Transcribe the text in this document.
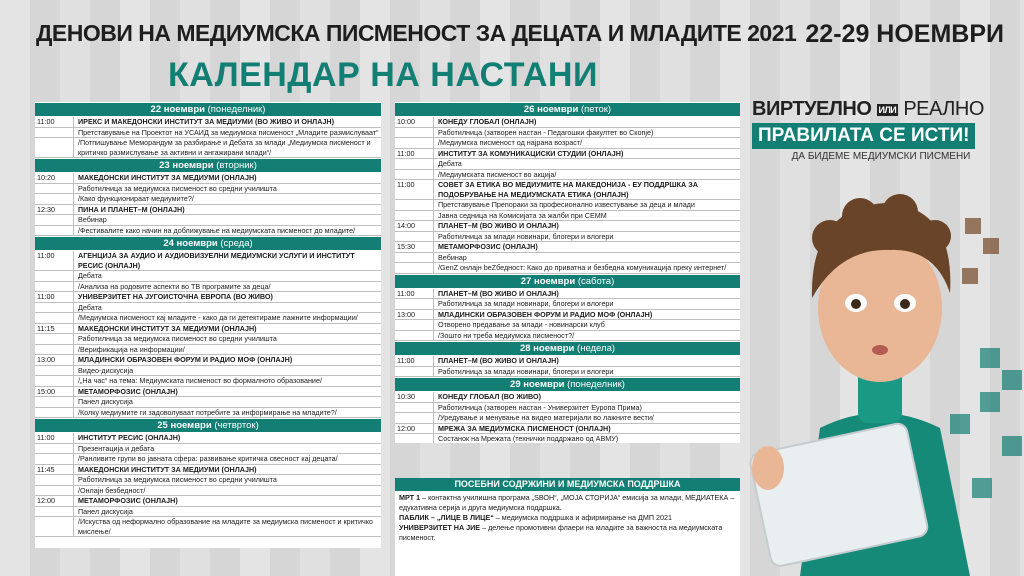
ДЕНОВИ НА МЕДИУМСКА ПИСМЕНОСТ ЗА ДЕЦАТА И МЛАДИТЕ 2021 22-29 НОЕМВРИ
КАЛЕНДАР НА НАСТАНИ
22 ноември (понеделник)
11:00	ИРЕКС И МАКЕДОНСКИ ИНСТИТУТ ЗА МЕДИУМИ (ВО ЖИВО И ОНЛАЈН)
Претставување на Проектот на УСАИД за медиумска писменост „Младите размислуваат“
/Потпишување Меморандум за разбирање и Дебата за млади „Медиумска писменост и критичко размислување за активни и ангажирани млади“/
23 ноември (вторник)
10:20	МАКЕДОНСКИ ИНСТИТУТ ЗА МЕДИУМИ (ОНЛАЈН)
Работилница за медиумска писменост во средни училишта
/Како функционираат медиумите?/
12:30	ПИНА И ПЛАНЕТ–М (ОНЛАЈН)
Вебинар
/Фестивалите како начин на доближување на медиумската писменост до младите/
24 ноември (среда)
11:00	АГЕНЦИЈА ЗА АУДИО И АУДИОВИЗУЕЛНИ МЕДИУМСКИ УСЛУГИ И ИНСТИТУТ РЕСИС (ОНЛАЈН)
Дебата
/Анализа на родовите аспекти во ТВ програмите за деца/
11:00	УНИВЕРЗИТЕТ НА ЈУГОИСТОЧНА ЕВРОПА (ВО ЖИВО)
Дебата
/Медиумска писменост кај младите - како да ги детектираме лажните информации/
11:15	МАКЕДОНСКИ ИНСТИТУТ ЗА МЕДИУМИ (ОНЛАЈН)
Работилница за медиумска писменост во средни училишта
/Верификација на информации/
13:00	МЛАДИНСКИ ОБРАЗОВЕН ФОРУМ И РАДИО МОФ (ОНЛАЈН)
Видео-дискусија
/„На час“ на тема: Медиумската писменост во формалното образование/
15:00	МЕТАМОРФОЗИС (ОНЛАЈН)
Панел дискусија
/Колку медиумите ги задоволуваат потребите за информирање на младите?/
25 ноември (четврток)
11:00	ИНСТИТУТ РЕСИС (ОНЛАЈН)
Презентација и дебата
/Ранливите групи во јавната сфера: развивање критичка свесност кај децата/
11:45	МАКЕДОНСКИ ИНСТИТУТ ЗА МЕДИУМИ (ОНЛАЈН)
Работилница за медиумска писменост во средни училишта
/Онлајн безбедност/
12:00	МЕТАМОРФОЗИС (ОНЛАЈН)
Панел дискусија
/Искуства од неформално образование на младите за медиумска писменост и критичко мислење/
26 ноември (петок)
10:00	КОНЕДУ ГЛОБАЛ (ОНЛАЈН)
Работилница (затворен настан - Педагошки факултет во Скопје)
/Медиумска писменост од најрана возраст/
11:00	ИНСТИТУТ ЗА КОМУНИКАЦИСКИ СТУДИИ (ОНЛАЈН)
Дебата
/Медиумската писменост во акција/
11:00	СОВЕТ ЗА ЕТИКА ВО МЕДИУМИТЕ НА МАКЕДОНИЈА - ЕУ ПОДДРШКА ЗА ПОДОБРУВАЊЕ НА МЕДИУМСКАТА ЕТИКА (ОНЛАЈН)
Претставување Препораки за професионално известување за деца и млади
Јавна седница на Комисијата за жалби при СЕММ
14:00	ПЛАНЕТ–М (ВО ЖИВО И ОНЛАЈН)
Работилница за млади новинари, блогери и влогери
15:30	МЕТАМОРФОЗИС (ОНЛАЈН)
Вебинар
/GenZ онлајн beZбедност: Како до приватна и безбедна комуникација преку интернет/
27 ноември (сабота)
11:00	ПЛАНЕТ–М (ВО ЖИВО И ОНЛАЈН)
Работилница за млади новинари, блогери и влогери
13:00	МЛАДИНСКИ ОБРАЗОВЕН ФОРУМ И РАДИО МОФ (ОНЛАЈН)
Отворено предавање за млади - новинарски клуб
/Зошто ни треба медиумска писменост?/
28 ноември (недела)
11:00	ПЛАНЕТ–М (ВО ЖИВО И ОНЛАЈН)
Работилница за млади новинари, блогери и влогери
29 ноември (понеделник)
10:30	КОНЕДУ ГЛОБАЛ (ВО ЖИВО)
Работилница (затворен настан - Универзитет Еуропа Прима)
/Уредување и менување на видео материјали во лажните вести/
12:00	МРЕЖА ЗА МЕДИУМСКА ПИСМЕНОСТ (ОНЛАЈН)
Состанок на Мрежата (технички поддржано од АВМУ)
ПОСЕБНИ СОДРЖИНИ И МЕДИУМСКА ПОДДРШКА
МРТ 1 – контактна училишна програма „ЅВОН“, „МОЈА СТОРИЈА“ емисија за млади, МЕДИАТЕКА – едукативна серија и друга медиумска поддршка.
ПАБЛИК – „ЛИЦЕ В ЛИЦЕ“ – медиумска поддршка и афирмирање на ДМП 2021
УНИВЕРЗИТЕТ НА ЈИЕ – делење промотивни флаери на младите за важноста на медиумската писменост.
ВИРТУЕЛНО ИЛИ РЕАЛНО
ПРАВИЛАТА СЕ ИСТИ!
ДА БИДЕМЕ МЕДИУМСКИ ПИСМЕНИ
